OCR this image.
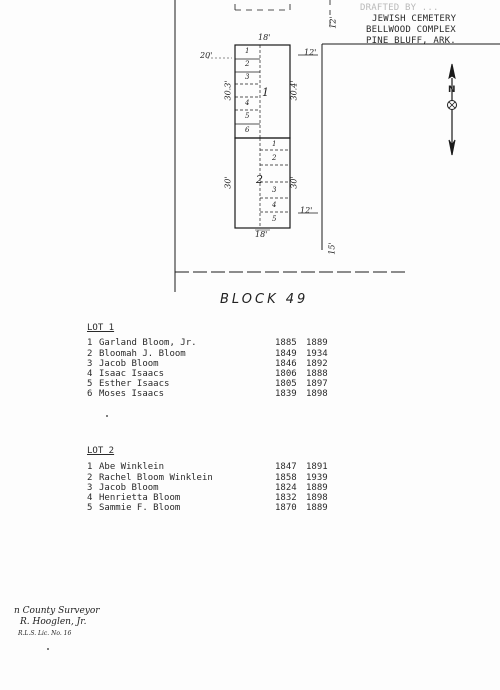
DRAFTED BY ...
JEWISH CEMETERY
BELLWOOD COMPLEX
PINE BLUFF, ARK.
N
18'
18'
20'	12'
12'
15'
12'
30.3'	30.4'
30'	30'
1
2
1
2
3
4
5
6
1
2
3
4
5
BLOCK 49
LOT 1
1 Garland Bloom, Jr.	1885 1889
2 Bloomah J. Bloom	1849 1934
3 Jacob Bloom	1846 1892
4 Isaac Isaacs	1806 1888
5 Esther Isaacs	1805 1897
6 Moses Isaacs	1839 1898
LOT 2
1 Abe Winklein	1847 1891
2 Rachel Bloom Winklein	1858 1939
3 Jacob Bloom	1824 1889
4 Henrietta Bloom	1832 1898
5 Sammie F. Bloom	1870 1889
n County Surveyor
R. Hooglen, Jr.
R.L.S. Lic. No. 16
